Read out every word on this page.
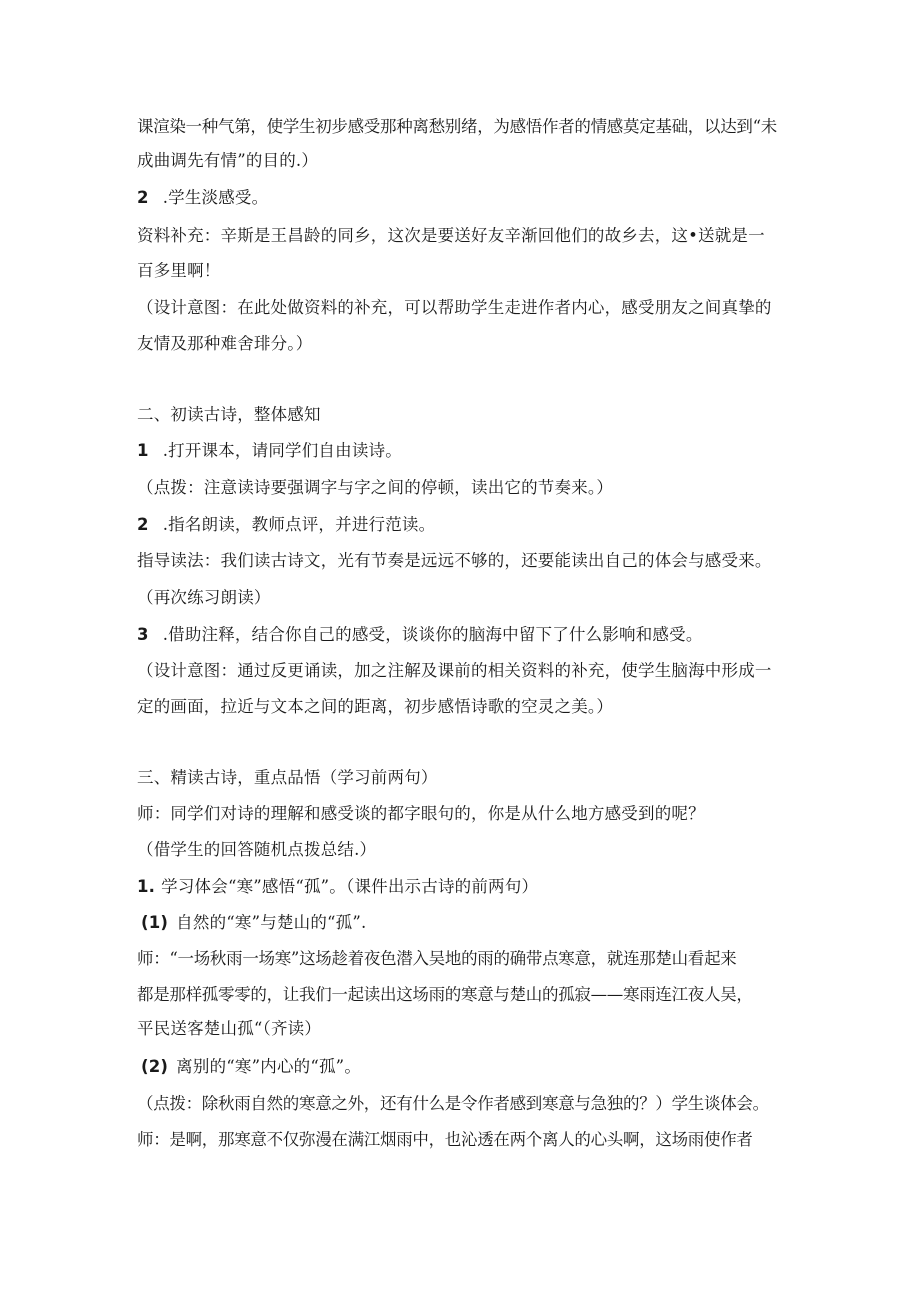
课渲染一种气第，使学生初步感受那种离愁别绪，为感悟作者的情感莫定基础，以达到“未
成曲调先有情”的目的.）
2 .学生淡感受。
资料补充：辛斯是王昌龄的同乡，这次是要送好友辛渐回他们的故乡去，这•送就是一
百多里啊！
（设计意图：在此处做资料的补充，可以帮助学生走进作者内心，感受朋友之间真挚的
友情及那种难舍琲分。）
二、初读古诗，整体感知
1 .打开课本，请同学们自由读诗。
（点拨：注意读诗要强调字与字之间的停顿，读出它的节奏来。）
2 .指名朗读，教师点评，并进行范读。
指导读法：我们读古诗文，光有节奏是远远不够的，还要能读出自己的体会与感受来。
（再次练习朗读）
3 .借助注释，结合你自己的感受，谈谈你的脑海中留下了什么影响和感受。
（设计意图：通过反更诵读，加之注解及课前的相关资料的补充，使学生脑海中形成一
定的画面，拉近与文本之间的距离，初步感悟诗歌的空灵之美。）
三、精读古诗，重点品悟（学习前两句）
师：同学们对诗的理解和感受谈的都字眼句的，你是从什么地方感受到的呢？
（借学生的回答随机点拨总结.）
1. 学习体会“寒”感悟“孤”。（课件出示古诗的前两句）
(1) 自然的“寒”与楚山的“孤”.
师：“一场秋雨一场寒”这场趁着夜色潜入吴地的雨的确带点寒意，就连那楚山看起来
都是那样孤零零的，让我们一起读出这场雨的寒意与楚山的孤寂——寒雨连江夜人吴，
平民送客楚山孤“（齐读）
(2) 离别的“寒”内心的“孤”。
（点拨：除秋雨自然的寒意之外，还有什么是令作者感到寒意与急独的？）学生谈体会。
师：是啊，那寒意不仅弥漫在满江烟雨中，也沁透在两个离人的心头啊，这场雨使作者
